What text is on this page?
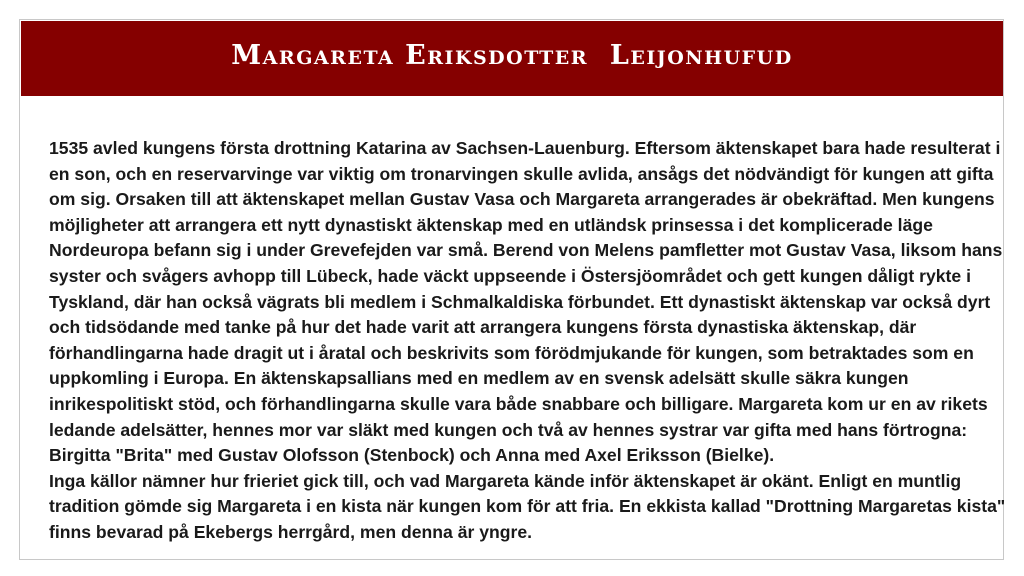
Margareta Eriksdotter  Leijonhufud

1535 avled kungens första drottning Katarina av Sachsen-Lauenburg. Eftersom äktenskapet bara hade resulterat i en son, och en reservarvinge var viktig om tronarvingen skulle avlida, ansågs det nödvändigt för kungen att gifta om sig. Orsaken till att äktenskapet mellan Gustav Vasa och Margareta arrangerades är obekräftad. Men kungens möjligheter att arrangera ett nytt dynastiskt äktenskap med en utländsk prinsessa i det komplicerade läge Nordeuropa befann sig i under Grevefejden var små. Berend von Melens pamfletter mot Gustav Vasa, liksom hans syster och svågers avhopp till Lübeck, hade väckt uppseende i Östersjöområdet och gett kungen dåligt rykte i Tyskland, där han också vägrats bli medlem i Schmalkaldiska förbundet. Ett dynastiskt äktenskap var också dyrt och tidsödande med tanke på hur det hade varit att arrangera kungens första dynastiska äktenskap, där förhandlingarna hade dragit ut i åratal och beskrivits som förödmjukande för kungen, som betraktades som en uppkomling i Europa. En äktenskapsallians med en medlem av en svensk adelsätt skulle säkra kungen inrikespolitiskt stöd, och förhandlingarna skulle vara både snabbare och billigare. Margareta kom ur en av rikets ledande adelsätter, hennes mor var släkt med kungen och två av hennes systrar var gifta med hans förtrogna: Birgitta "Brita" med Gustav Olofsson (Stenbock) och Anna med Axel Eriksson (Bielke).

Inga källor nämner hur frieriet gick till, och vad Margareta kände inför äktenskapet är okänt. Enligt en muntlig tradition gömde sig Margareta i en kista när kungen kom för att fria. En ekkista kallad "Drottning Margaretas kista" finns bevarad på Ekebergs herrgård, men denna är yngre.
